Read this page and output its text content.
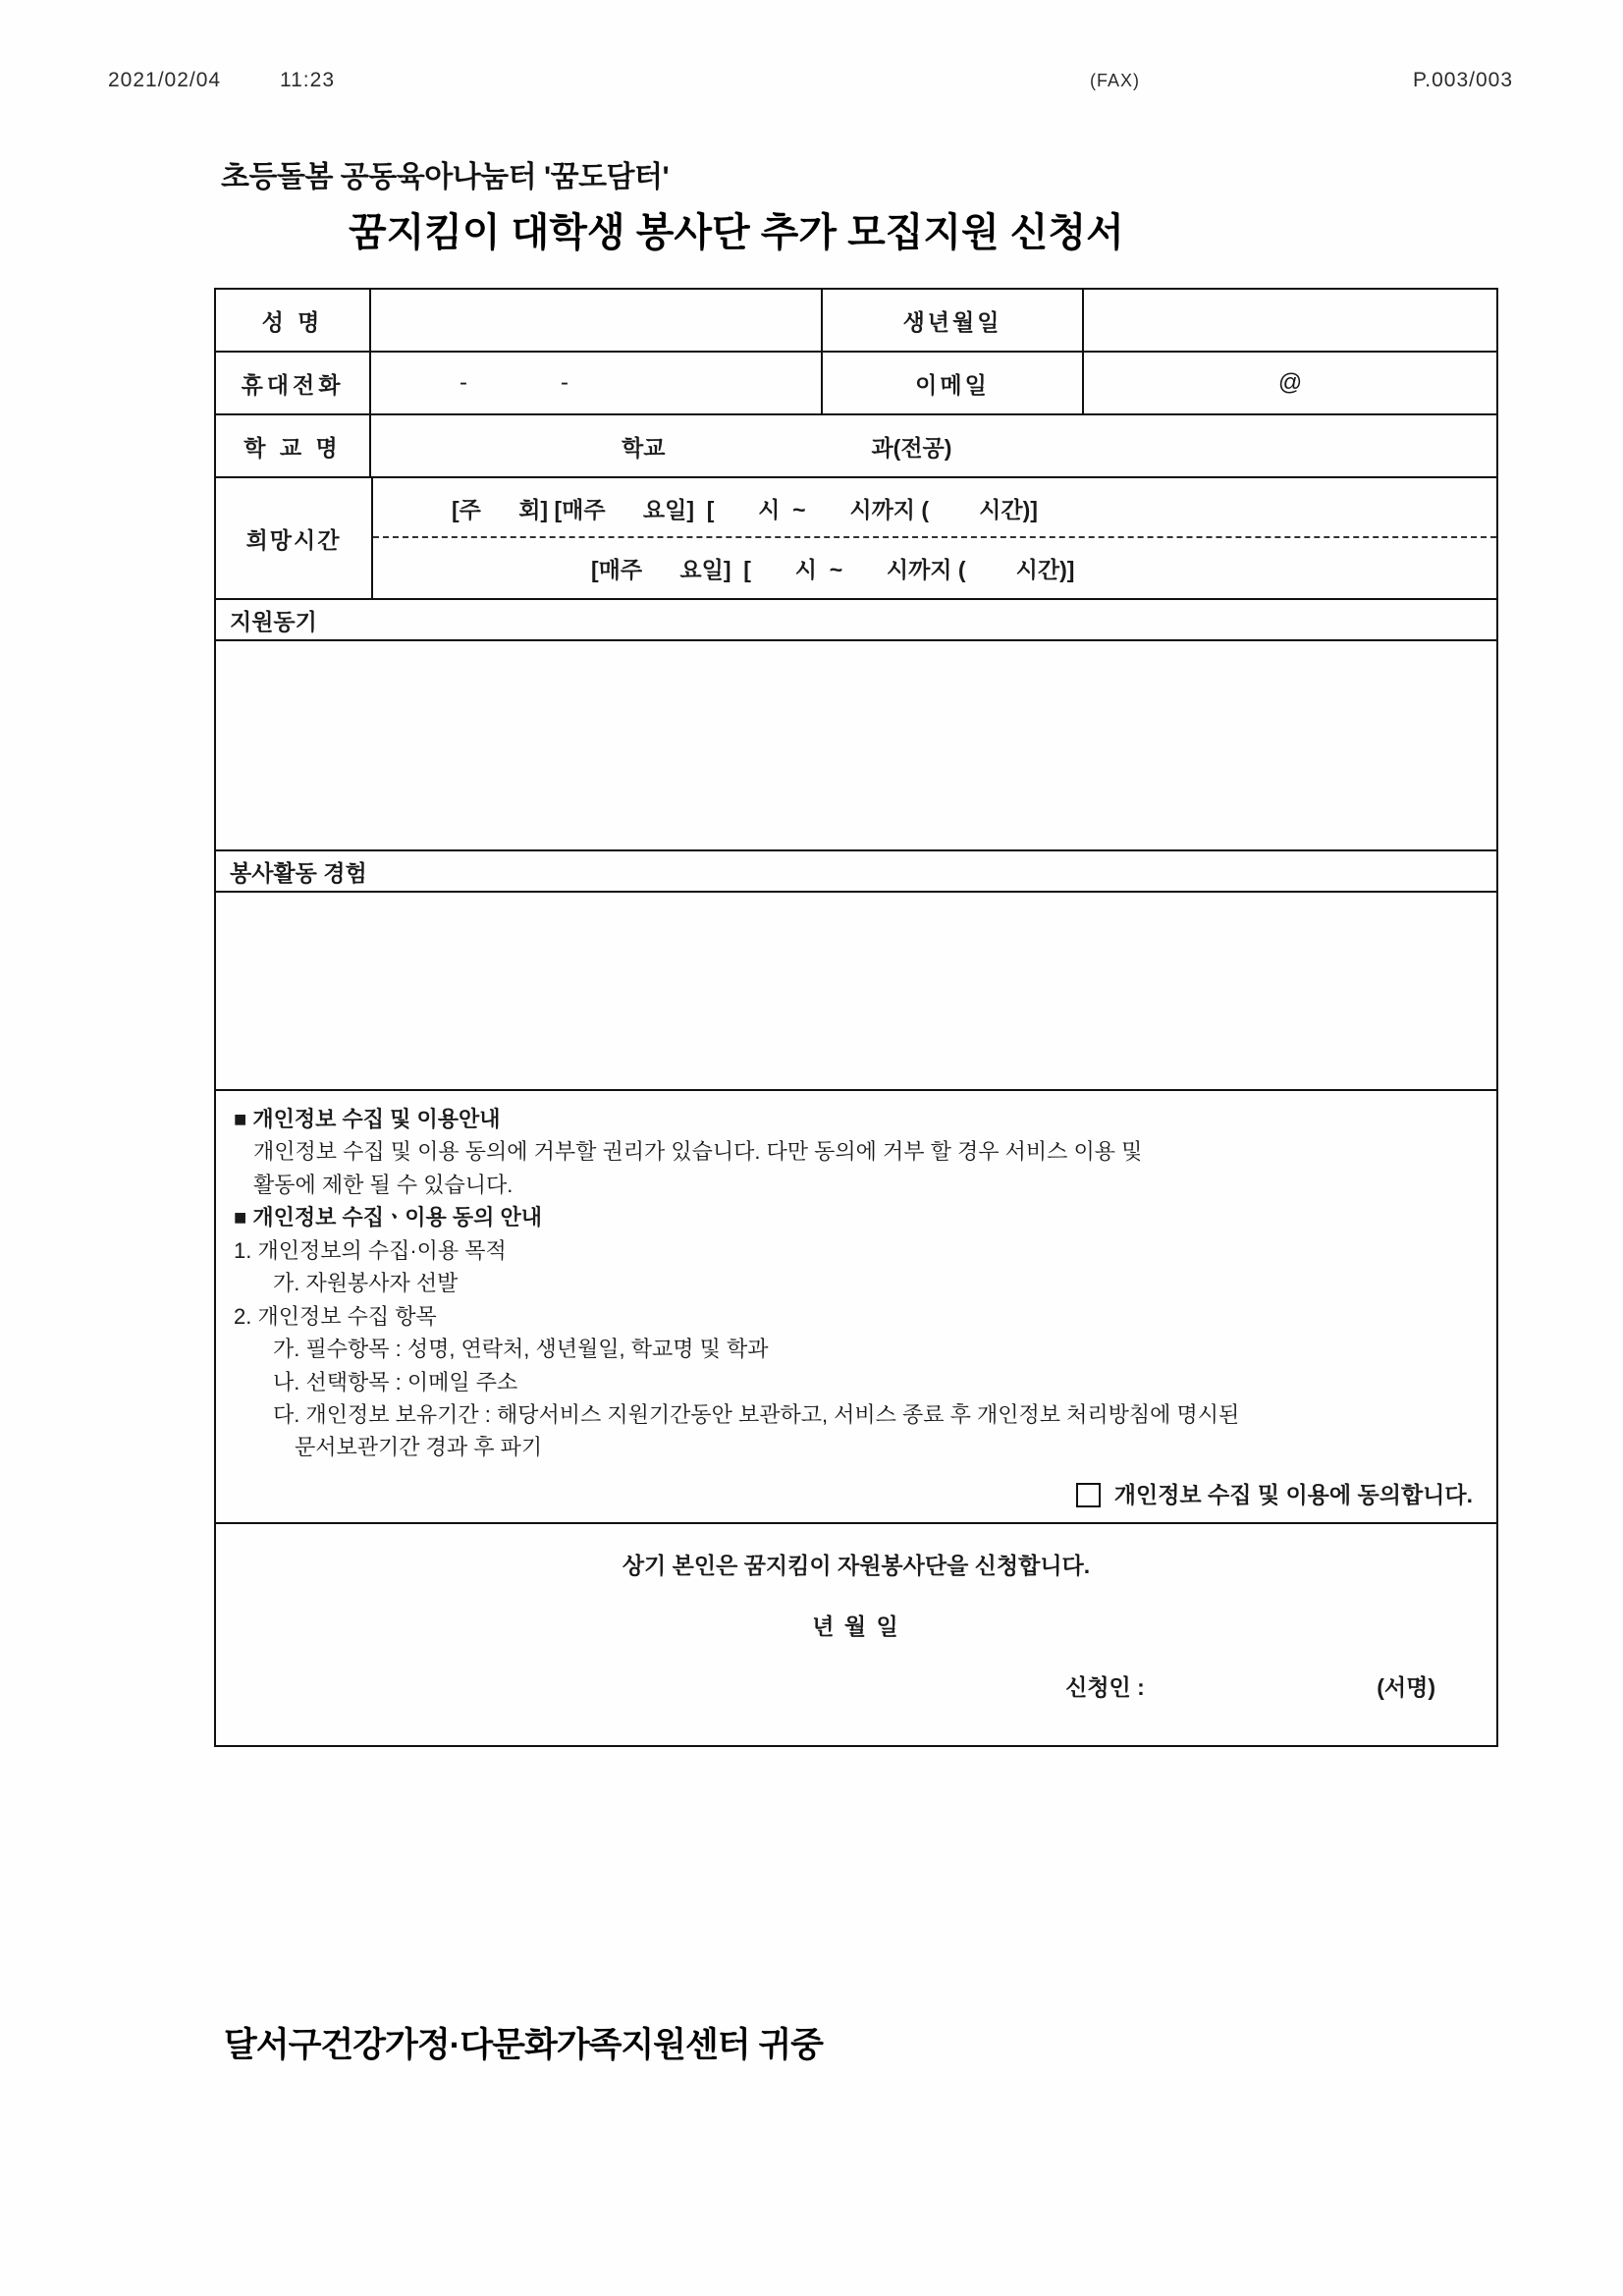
2021/02/04	11:23	(FAX)	P.003/003
초등돌봄 공동육아나눔터 '꿈도담터'
꿈지킴이 대학생 봉사단 추가 모집지원 신청서
성 명	생년월일
휴대전화	-	-	이메일	@
학 교 명	학교	과(전공)
희망시간
[주      회] [매주      요일]  [       시  ~       시까지 (        시간)]
[매주      요일]  [       시  ~       시까지 (        시간)]
지원동기
봉사활동 경험
■ 개인정보 수집 및 이용안내
개인정보 수집 및 이용 동의에 거부할 권리가 있습니다. 다만 동의에 거부 할 경우 서비스 이용 및
활동에 제한 될 수 있습니다.
■ 개인정보 수집ㆍ이용 동의 안내
1. 개인정보의 수집·이용 목적
가. 자원봉사자 선발
2. 개인정보 수집 항목
가. 필수항목 : 성명, 연락처, 생년월일, 학교명 및 학과
나. 선택항목 : 이메일 주소
다. 개인정보 보유기간 : 해당서비스 지원기간동안 보관하고, 서비스 종료 후 개인정보 처리방침에 명시된
문서보관기간 경과 후 파기
개인정보 수집 및 이용에 동의합니다.
상기 본인은 꿈지킴이 자원봉사단을 신청합니다.
년 월 일
신청인 :	(서명)
달서구건강가정·다문화가족지원센터 귀중
